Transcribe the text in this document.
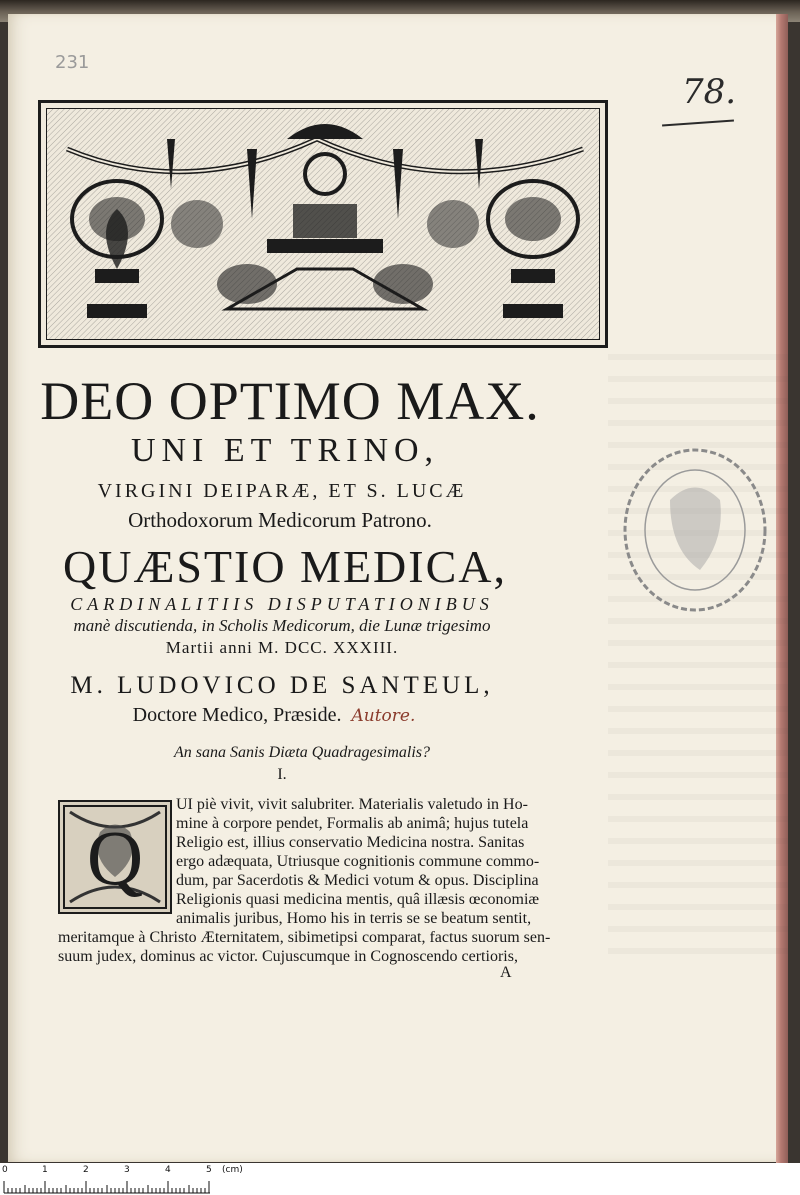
231
78.
DEO OPTIMO MAX.
UNI ET TRINO,
VIRGINI DEIPARÆ, ET S. LUCÆ
Orthodoxorum Medicorum Patrono.
QUÆSTIO MEDICA,
CARDINALITIIS DISPUTATIONIBUS
manè discutienda, in Scholis Medicorum, die Lunæ trigesimo
Martii anni M. DCC. XXXIII.
M. LUDOVICO DE SANTEUL,
Doctore Medico, Præside. Autore.
An sana Sanis Diæta Quadragesimalis?
I.
Q
UI piè vivit, vivit salubriter. Materialis valetudo in Ho-
mine à corpore pendet, Formalis ab animâ; hujus tutela
Religio est, illius conservatio Medicina nostra. Sanitas
ergo adæquata, Utriusque cognitionis commune commo-
dum, par Sacerdotis & Medici votum & opus. Disciplina
Religionis quasi medicina mentis, quâ illæsis œconomiæ
animalis juribus, Homo his in terris se se beatum sentit,
meritamque à Christo Æternitatem, sibimetipsi comparat, factus suorum sen-
suum judex, dominus ac victor. Cujuscumque in Cognoscendo certioris,
A
0	1	2	3	4	5 (cm)
